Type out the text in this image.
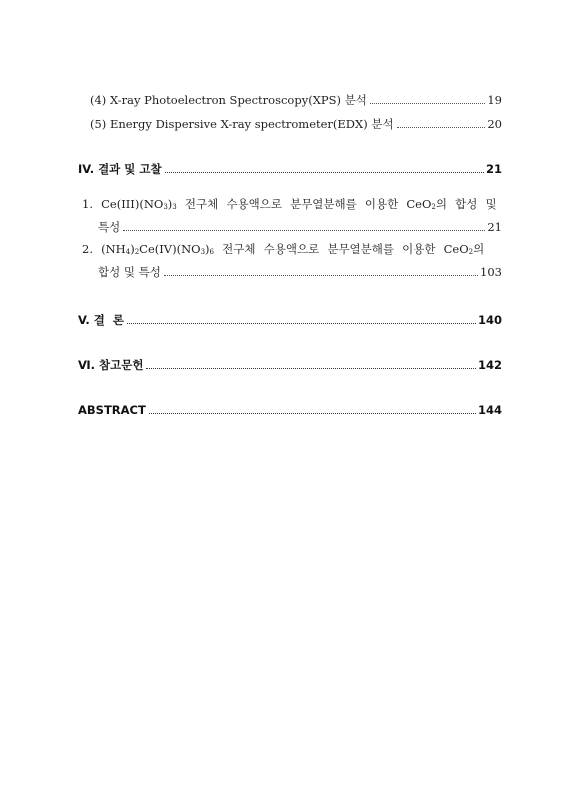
(4) X-ray Photoelectron Spectroscopy(XPS) 분석	19
(5) Energy Dispersive X-ray spectrometer(EDX) 분석	20
IV. 결과 및 고찰	21
1. Ce(III)(NO3)3 전구체 수용액으로 분무열분해를 이용한 CeO2의 합성 및
특성	21
2. (NH4)2Ce(IV)(NO3)6 전구체 수용액으로 분무열분해를 이용한 CeO2의
합성 및 특성	103
V. 결  론	140
Ⅵ. 참고문헌	142
ABSTRACT	144
